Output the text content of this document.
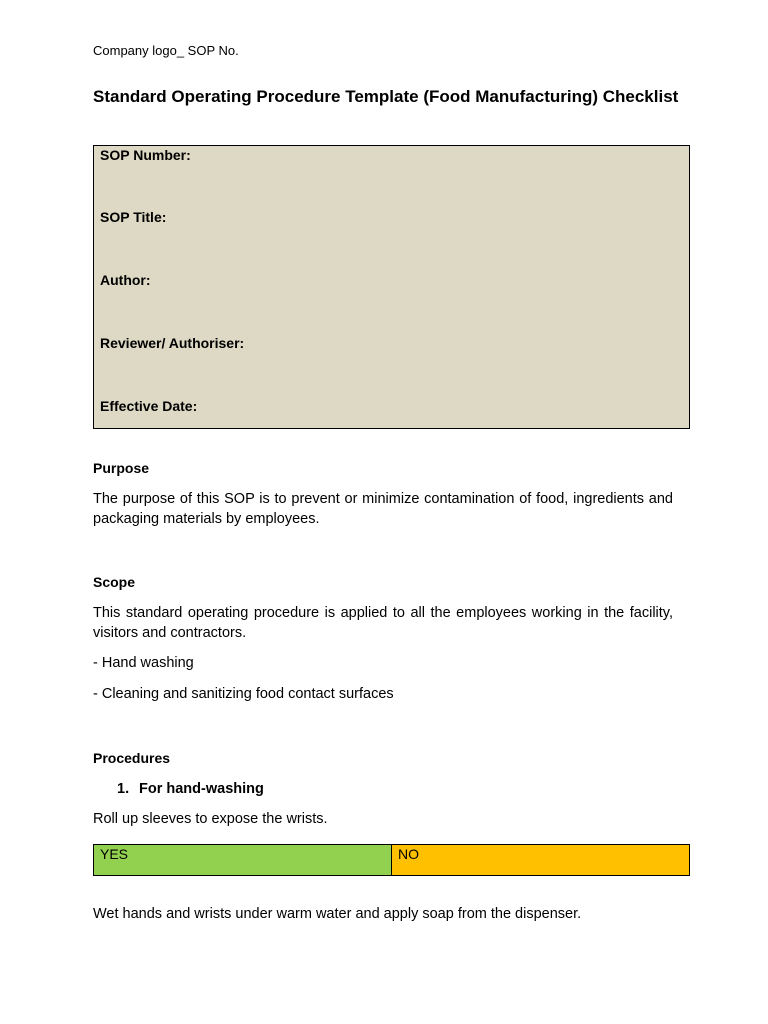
Company logo_ SOP No.
Standard Operating Procedure Template (Food Manufacturing) Checklist
SOP Number:
SOP Title:
Author:
Reviewer/ Authoriser:
Effective Date:
Purpose

The purpose of this SOP is to prevent or minimize contamination of food, ingredients and packaging materials by employees.

Scope

This standard operating procedure is applied to all the employees working in the facility, visitors and contractors.

- Hand washing
- Cleaning and sanitizing food contact surfaces
Procedures
1. For hand-washing
Roll up sleeves to expose the wrists.
YES	NO
Wet hands and wrists under warm water and apply soap from the dispenser.
